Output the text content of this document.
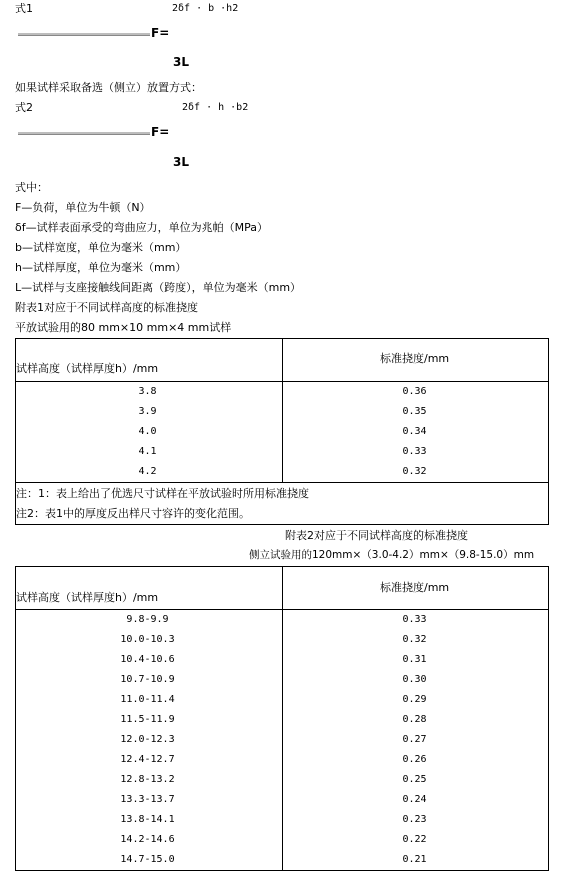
式1	2δf · b ·h2
F=
3L
如果试样采取备选（侧立）放置方式：
式2	2δf · h ·b2
F=
3L
式中：
F—负荷，单位为牛顿（N）
δf—试样表面承受的弯曲应力，单位为兆帕（MPa）
b—试样宽度，单位为毫米（mm）
h—试样厚度，单位为毫米（mm）
L—试样与支座接触线间距离（跨度），单位为毫米（mm）
附表1对应于不同试样高度的标准挠度
平放试验用的80 mm×10 mm×4 mm试样
试样高度（试样厚度h）/mm
标准挠度/mm
3.8	0.36
3.9	0.35
4.0	0.34
4.1	0.33
4.2	0.32
注：1：表上给出了优选尺寸试样在平放试验时所用标准挠度
注2：表1中的厚度反出样尺寸容许的变化范围。
附表2对应于不同试样高度的标准挠度
侧立试验用的120mm×（3.0-4.2）mm×（9.8-15.0）mm
试样高度（试样厚度h）/mm
标准挠度/mm
9.8-9.9	0.33
10.0-10.3	0.32
10.4-10.6	0.31
10.7-10.9	0.30
11.0-11.4	0.29
11.5-11.9	0.28
12.0-12.3	0.27
12.4-12.7	0.26
12.8-13.2	0.25
13.3-13.7	0.24
13.8-14.1	0.23
14.2-14.6	0.22
14.7-15.0	0.21
